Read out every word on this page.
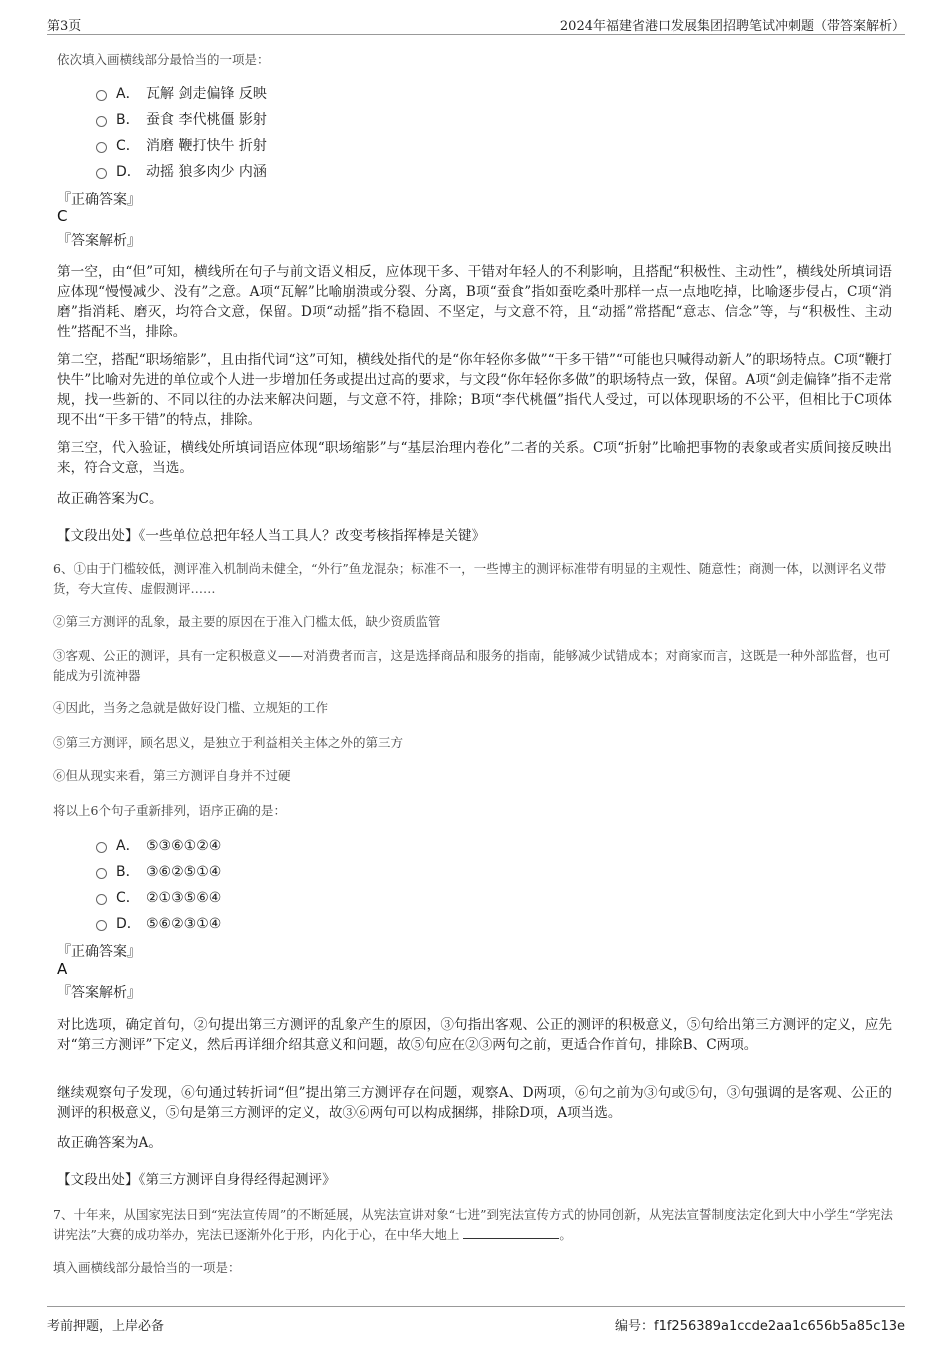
第3页	2024年福建省港口发展集团招聘笔试冲刺题（带答案解析）
依次填入画横线部分最恰当的一项是：
A． 瓦解 剑走偏锋 反映
B． 蚕食 李代桃僵 影射
C． 消磨 鞭打快牛 折射
D． 动摇 狼多肉少 内涵
『正确答案』
C
『答案解析』
第一空，由“但”可知，横线所在句子与前文语义相反，应体现干多、干错对年轻人的不利影响，且搭配“积极性、主动性”，横线处所填词语应体现“慢慢减少、没有”之意。A项“瓦解”比喻崩溃或分裂、分离，B项“蚕食”指如蚕吃桑叶那样一点一点地吃掉，比喻逐步侵占，C项“消磨”指消耗、磨灭，均符合文意，保留。D项“动摇”指不稳固、不坚定，与文意不符，且“动摇”常搭配“意志、信念”等，与“积极性、主动性”搭配不当，排除。
第二空，搭配“职场缩影”，且由指代词“这”可知，横线处指代的是“你年轻你多做”“干多干错”“可能也只喊得动新人”的职场特点。C项“鞭打快牛”比喻对先进的单位或个人进一步增加任务或提出过高的要求，与文段“你年轻你多做”的职场特点一致，保留。A项“剑走偏锋”指不走常规，找一些新的、不同以往的办法来解决问题，与文意不符，排除；B项“李代桃僵”指代人受过，可以体现职场的不公平，但相比于C项体现不出“干多干错”的特点，排除。
第三空，代入验证，横线处所填词语应体现“职场缩影”与“基层治理内卷化”二者的关系。C项“折射”比喻把事物的表象或者实质间接反映出来，符合文意，当选。
故正确答案为C。
【文段出处】《一些单位总把年轻人当工具人？改变考核指挥棒是关键》
6、①由于门槛较低，测评准入机制尚未健全，“外行”鱼龙混杂；标准不一，一些博主的测评标准带有明显的主观性、随意性；商测一体，以测评名义带货，夸大宣传、虚假测评……
②第三方测评的乱象，最主要的原因在于准入门槛太低，缺少资质监管
③客观、公正的测评，具有一定积极意义——对消费者而言，这是选择商品和服务的指南，能够减少试错成本；对商家而言，这既是一种外部监督，也可能成为引流神器
④因此，当务之急就是做好设门槛、立规矩的工作
⑤第三方测评，顾名思义，是独立于利益相关主体之外的第三方
⑥但从现实来看，第三方测评自身并不过硬
将以上6个句子重新排列，语序正确的是：
A． ⑤③⑥①②④
B． ③⑥②⑤①④
C． ②①③⑤⑥④
D． ⑤⑥②③①④
『正确答案』
A
『答案解析』
对比选项，确定首句，②句提出第三方测评的乱象产生的原因，③句指出客观、公正的测评的积极意义，⑤句给出第三方测评的定义，应先对“第三方测评”下定义，然后再详细介绍其意义和问题，故⑤句应在②③两句之前，更适合作首句，排除B、C两项。
继续观察句子发现，⑥句通过转折词“但”提出第三方测评存在问题，观察A、D两项，⑥句之前为③句或⑤句，③句强调的是客观、公正的测评的积极意义，⑤句是第三方测评的定义，故③⑥两句可以构成捆绑，排除D项，A项当选。
故正确答案为A。
【文段出处】《第三方测评自身得经得起测评》
7、十年来，从国家宪法日到“宪法宣传周”的不断延展，从宪法宣讲对象“七进”到宪法宣传方式的协同创新，从宪法宣誓制度法定化到大中小学生“学宪法讲宪法”大赛的成功举办，宪法已逐渐外化于形，内化于心，在中华大地上	。
填入画横线部分最恰当的一项是：
考前押题，上岸必备	编号：f1f256389a1ccde2aa1c656b5a85c13e
